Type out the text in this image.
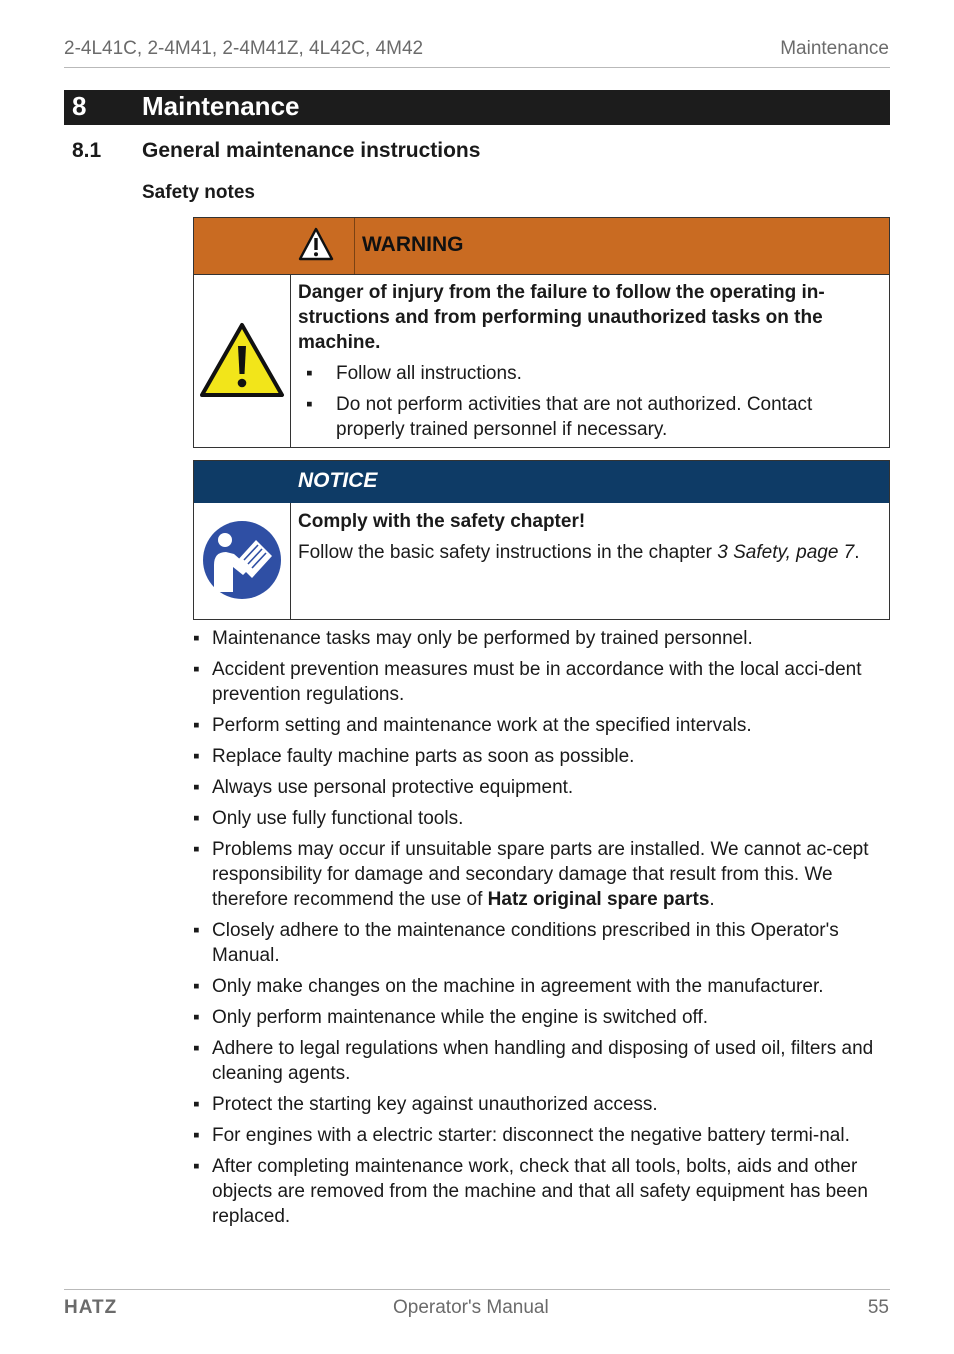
2-4L41C, 2-4M41, 2-4M41Z, 4L42C, 4M42	Maintenance
8 Maintenance
8.1 General maintenance instructions
Safety notes
WARNING
Danger of injury from the failure to follow the operating in-structions and from performing unauthorized tasks on the machine.
▪ Follow all instructions.
▪ Do not perform activities that are not authorized. Contact properly trained personnel if necessary.
NOTICE
Comply with the safety chapter!
Follow the basic safety instructions in the chapter 3 Safety, page 7.
▪ Maintenance tasks may only be performed by trained personnel.
▪ Accident prevention measures must be in accordance with the local acci-dent prevention regulations.
▪ Perform setting and maintenance work at the specified intervals.
▪ Replace faulty machine parts as soon as possible.
▪ Always use personal protective equipment.
▪ Only use fully functional tools.
▪ Problems may occur if unsuitable spare parts are installed. We cannot ac-cept responsibility for damage and secondary damage that result from this. We therefore recommend the use of Hatz original spare parts.
▪ Closely adhere to the maintenance conditions prescribed in this Operator's Manual.
▪ Only make changes on the machine in agreement with the manufacturer.
▪ Only perform maintenance while the engine is switched off.
▪ Adhere to legal regulations when handling and disposing of used oil, filters and cleaning agents.
▪ Protect the starting key against unauthorized access.
▪ For engines with a electric starter: disconnect the negative battery termi-nal.
▪ After completing maintenance work, check that all tools, bolts, aids and other objects are removed from the machine and that all safety equipment has been replaced.
HATZ	Operator's Manual	55
